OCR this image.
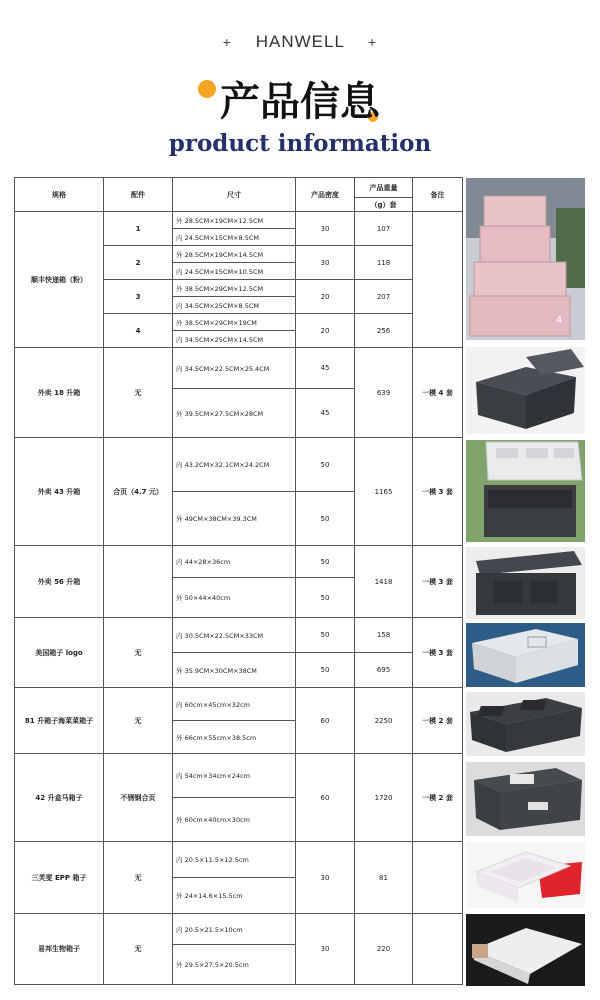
+ HANWELL +
产品信息
product information
规格	配件	尺寸	产品密度	产品重量	备注
				（g）套	
顺丰快递箱（粉）	1	外 28.5CM×19CM×12.5CM	30	107	
		内 24.5CM×15CM×8.5CM			
	2	外 28.5CM×19CM×14.5CM	30	118	
		内 24.5CM×15CM×10.5CM			
	3	外 38.5CM×29CM×12.5CM	20	207	
		内 34.5CM×25CM×8.5CM			
	4	外 38.5CM×29CM×19CM	20	256	
		内 34.5CM×25CM×14.5CM			
外卖 18 升箱	无	内 34.5CM×22.5CM×25.4CM	45	639	一模 4 套
		外 39.5CM×27.5CM×28CM	45		
外卖 43 升箱	合页（4.7 元）	内 43.2CM×32.1CM×24.2CM	50	1165	一模 3 套
		外 49CM×38CM×39.3CM	50		
外卖 56 升箱		内 44×28×36cm	50	1418	一模 3 套
		外 50×44×40cm	50		
美国箱子 logo	无	内 30.5CM×22.5CM×33CM	50	158	一模 3 套
		外 35.9CM×30CM×38CM	50	695	
81 升箱子海菜菜箱子	无	内 60cm×45cm×32cm	60	2250	一模 2 套
		外 66cm×55cm×38.5cm			
42 升盒马箱子	不锈钢合页	内 54cm×34cm×24cm	60	1720	一模 2 套
		外 60cm×40cm×30cm			
三芙雯 EPP 箱子	无	内 20.5×11.5×12.5cm	30	81	
		外 24×14.6×15.5cm			
易邦生物箱子	无	内 20.5×21.5×10cm	30	220	
		外 29.5×27.5×20.5cm			
4
